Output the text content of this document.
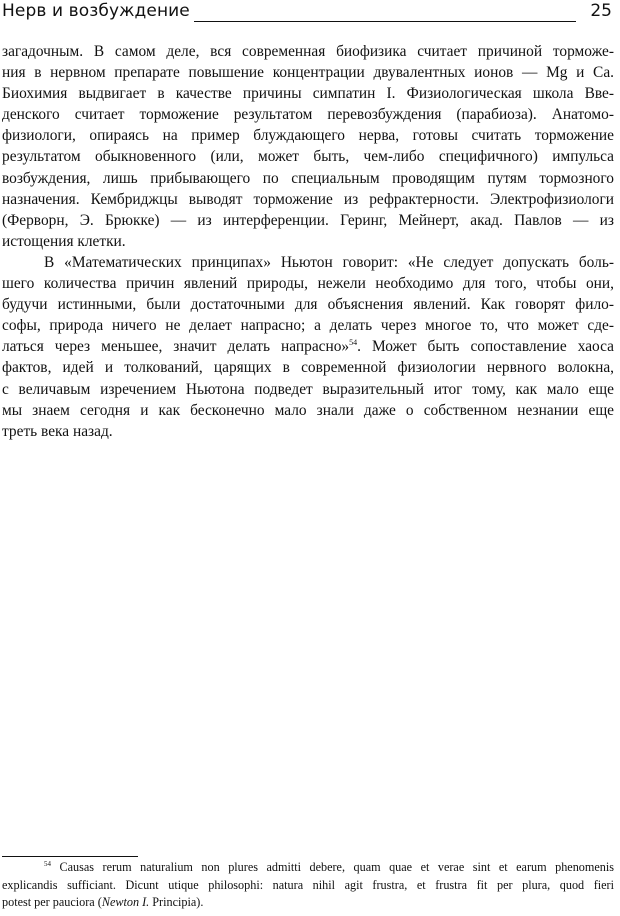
Нерв и возбуждение	25
загадочным. В самом деле, вся современная биофизика считает причиной торможе-
ния в нервном препарате повышение концентрации двувалентных ионов — Mg и Ca.
Биохимия выдвигает в качестве причины симпатин I. Физиологическая школа Вве-
денского считает торможение результатом перевозбуждения (парабиоза). Анатомо-
физиологи, опираясь на пример блуждающего нерва, готовы считать торможение
результатом обыкновенного (или, может быть, чем-либо специфичного) импульса
возбуждения, лишь прибывающего по специальным проводящим путям тормозного
назначения. Кембриджцы выводят торможение из рефрактерности. Электрофизиологи
(Ферворн, Э. Брюкке) — из интерференции. Геринг, Мейнерт, акад. Павлов — из
истощения клетки.
В «Математических принципах» Ньютон говорит: «Не следует допускать боль-
шего количества причин явлений природы, нежели необходимо для того, чтобы они,
будучи истинными, были достаточными для объяснения явлений. Как говорят фило-
софы, природа ничего не делает напрасно; а делать через многое то, что может сде-
латься через меньшее, значит делать напрасно»$^{54}$. Может быть сопоставление хаоса
фактов, идей и толкований, царящих в современной физиологии нервного волокна,
с величавым изречением Ньютона подведет выразительный итог тому, как мало еще
мы знаем сегодня и как бесконечно мало знали даже о собственном незнании еще
треть века назад.
$^{54}$ Causas rerum naturalium non plures admitti debere, quam quae et verae sint et earum phenomenis
explicandis sufficiant. Dicunt utique philosophi: natura nihil agit frustra, et frustra fit per plura, quod fieri
potest per pauciora (Newton I. Principia).
